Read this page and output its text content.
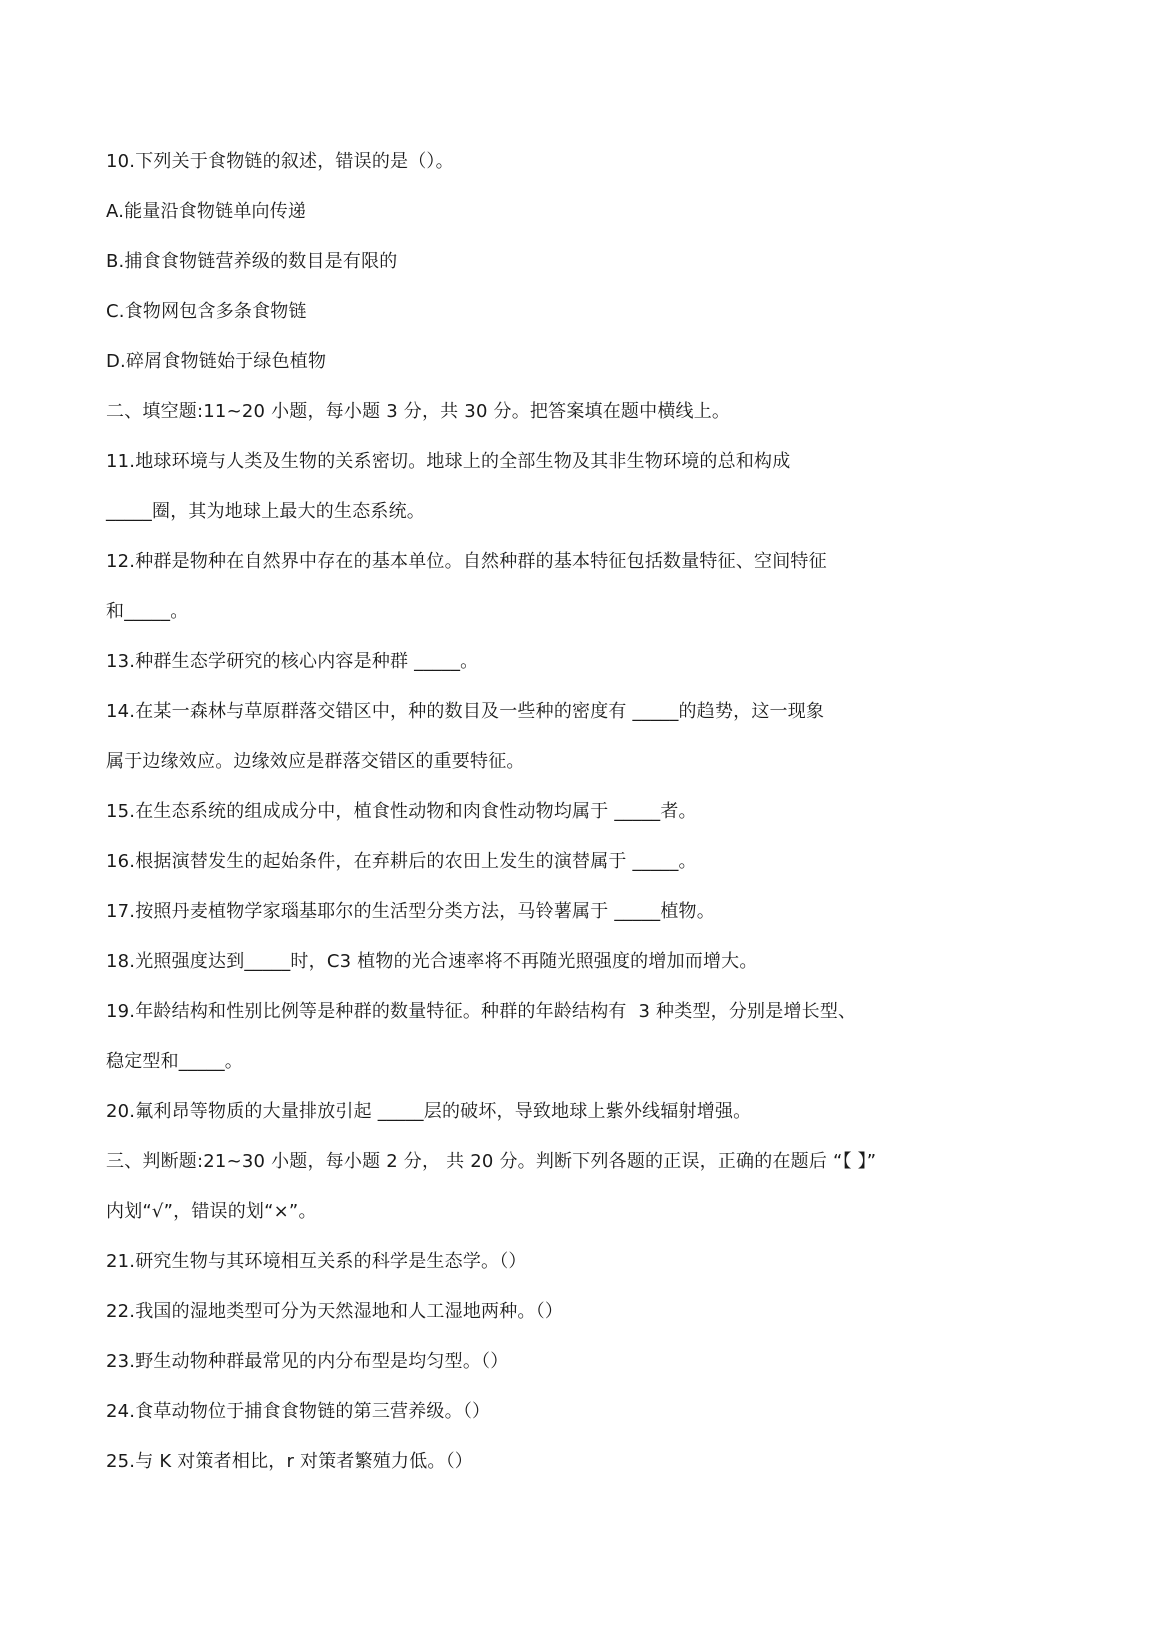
10.下列关于食物链的叙述，错误的是（）。
A.能量沿食物链单向传递
B.捕食食物链营养级的数目是有限的
C.食物网包含多条食物链
D.碎屑食物链始于绿色植物
二、填空题:11~20 小题，每小题 3 分，共 30 分。把答案填在题中横线上。
11.地球环境与人类及生物的关系密切。地球上的全部生物及其非生物环境的总和构成
_____圈，其为地球上最大的生态系统。
12.种群是物种在自然界中存在的基本单位。自然种群的基本特征包括数量特征、空间特征
和_____。
13.种群生态学研究的核心内容是种群 _____。
14.在某一森林与草原群落交错区中，种的数目及一些种的密度有 _____的趋势，这一现象
属于边缘效应。边缘效应是群落交错区的重要特征。
15.在生态系统的组成成分中，植食性动物和肉食性动物均属于 _____者。
16.根据演替发生的起始条件，在弃耕后的农田上发生的演替属于 _____。
17.按照丹麦植物学家瑙基耶尔的生活型分类方法，马铃薯属于 _____植物。
18.光照强度达到_____时，C3 植物的光合速率将不再随光照强度的增加而增大。
19.年龄结构和性别比例等是种群的数量特征。种群的年龄结构有  3 种类型，分别是增长型、
稳定型和_____。
20.氟利昂等物质的大量排放引起 _____层的破坏，导致地球上紫外线辐射增强。
三、判断题:21~30 小题，每小题 2 分， 共 20 分。判断下列各题的正误，正确的在题后 “【 】”
内划“√”，错误的划“×”。
21.研究生物与其环境相互关系的科学是生态学。（）
22.我国的湿地类型可分为天然湿地和人工湿地两种。（）
23.野生动物种群最常见的内分布型是均匀型。（）
24.食草动物位于捕食食物链的第三营养级。（）
25.与 K 对策者相比，r 对策者繁殖力低。（）
